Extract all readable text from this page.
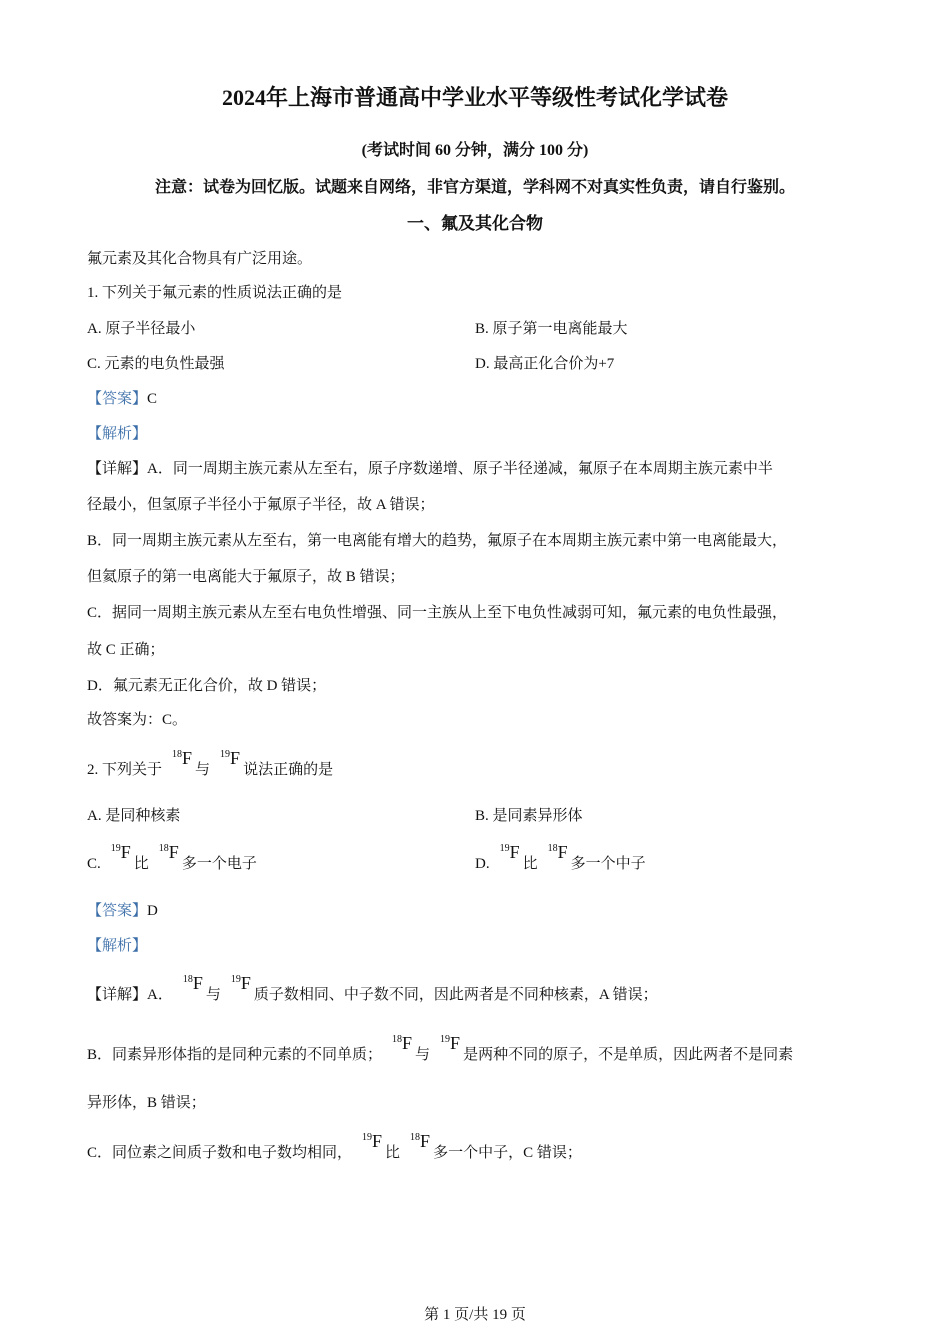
2024年上海市普通高中学业水平等级性考试化学试卷
(考试时间 60 分钟，满分 100 分)
注意：试卷为回忆版。试题来自网络，非官方渠道，学科网不对真实性负责，请自行鉴别。
一、氟及其化合物
氟元素及其化合物具有广泛用途。
1. 下列关于氟元素的性质说法正确的是
A. 原子半径最小	B. 原子第一电离能最大
C. 元素的电负性最强	D. 最高正化合价为+7
【答案】C
【解析】
【详解】A．同一周期主族元素从左至右，原子序数递增、原子半径递减，氟原子在本周期主族元素中半
径最小，但氢原子半径小于氟原子半径，故 A 错误；
B．同一周期主族元素从左至右，第一电离能有增大的趋势，氟原子在本周期主族元素中第一电离能最大，
但氦原子的第一电离能大于氟原子，故 B 错误；
C．据同一周期主族元素从左至右电负性增强、同一主族从上至下电负性减弱可知，氟元素的电负性最强，
故 C 正确；
D．氟元素无正化合价，故 D 错误；
故答案为：C。
2. 下列关于$^{18}$F与$^{19}$F说法正确的是
A. 是同种核素	B. 是同素异形体
C.$^{19}$F比$^{18}$F多一个电子	D.$^{19}$F比$^{18}$F多一个中子
【答案】D
【解析】
【详解】A．$^{18}$F与$^{19}$F质子数相同、中子数不同，因此两者是不同种核素，A 错误；
B．同素异形体指的是同种元素的不同单质；$^{18}$F与$^{19}$F是两种不同的原子，不是单质，因此两者不是同素
异形体，B 错误；
C．同位素之间质子数和电子数均相同，$^{19}$F比$^{18}$F多一个中子，C 错误；
第 1 页/共 19 页
